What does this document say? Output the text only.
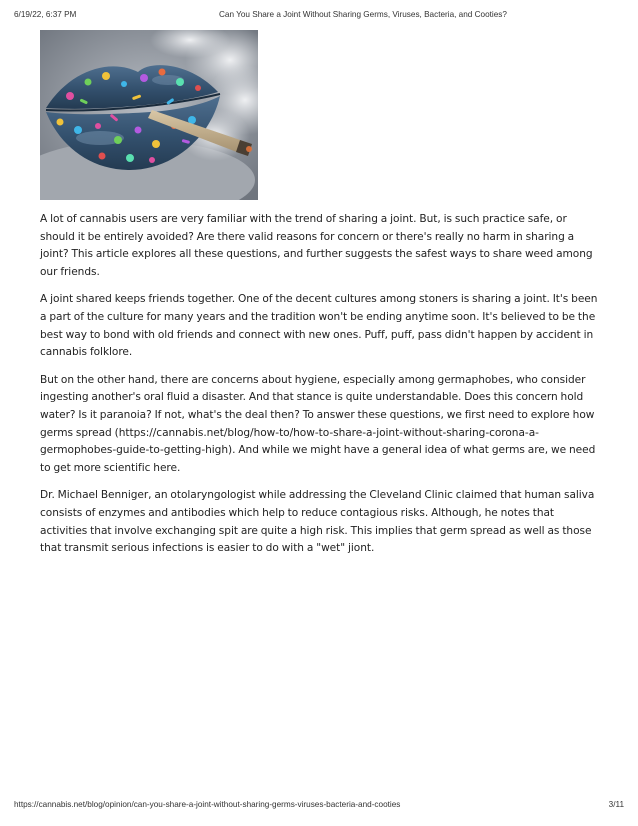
6/19/22, 6:37 PM	Can You Share a Joint Without Sharing Germs, Viruses, Bacteria, and Cooties?

A lot of cannabis users are very familiar with the trend of sharing a joint. But, is such practice safe, or should it be entirely avoided? Are there valid reasons for concern or there's really no harm in sharing a joint? This article explores all these questions, and further suggests the safest ways to share weed among our friends.

A joint shared keeps friends together. One of the decent cultures among stoners is sharing a joint. It's been a part of the culture for many years and the tradition won't be ending anytime soon. It's believed to be the best way to bond with old friends and connect with new ones. Puff, puff, pass didn't happen by accident in cannabis folklore.

But on the other hand, there are concerns about hygiene, especially among germaphobes, who consider ingesting another's oral fluid a disaster. And that stance is quite understandable. Does this concern hold water? Is it paranoia? If not, what's the deal then? To answer these questions, we first need to explore how germs spread (https://cannabis.net/blog/how-to/how-to-share-a-joint-without-sharing-corona-a-germophobes-guide-to-getting-high). And while we might have a general idea of what germs are, we need to get more scientific here.

Dr. Michael Benniger, an otolaryngologist while addressing the Cleveland Clinic claimed that human saliva consists of enzymes and antibodies which help to reduce contagious risks. Although, he notes that activities that involve exchanging spit are quite a high risk. This implies that germ spread as well as those that transmit serious infections is easier to do with a "wet" jiont.

https://cannabis.net/blog/opinion/can-you-share-a-joint-without-sharing-germs-viruses-bacteria-and-cooties	3/11
